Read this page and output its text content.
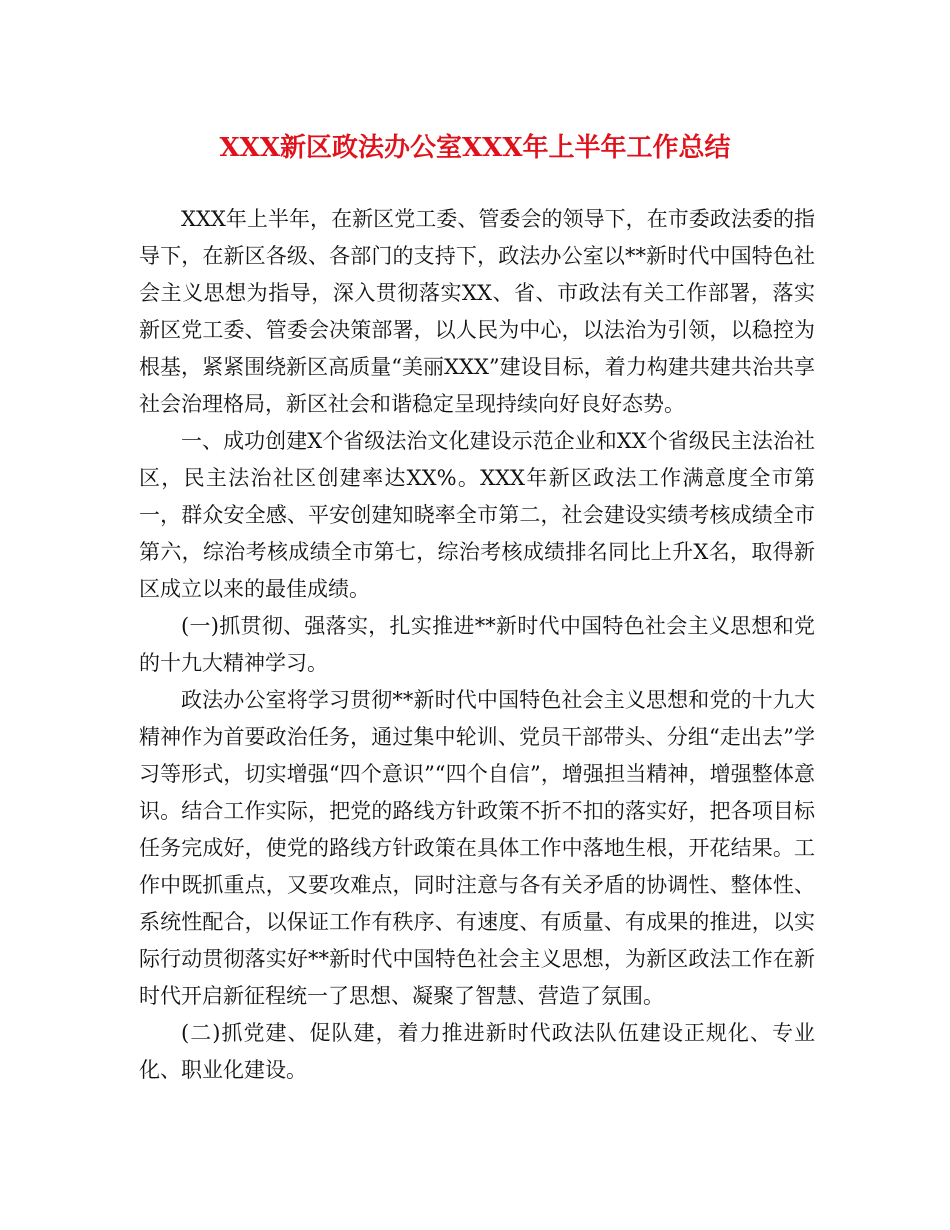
XXX新区政法办公室XXX年上半年工作总结

XXX年上半年，在新区党工委、管委会的领导下，在市委政法委的指导下，在新区各级、各部门的支持下，政法办公室以**新时代中国特色社会主义思想为指导，深入贯彻落实XX、省、市政法有关工作部署，落实新区党工委、管委会决策部署，以人民为中心，以法治为引领，以稳控为根基，紧紧围绕新区高质量“美丽XXX”建设目标，着力构建共建共治共享社会治理格局，新区社会和谐稳定呈现持续向好良好态势。

一、成功创建X个省级法治文化建设示范企业和XX个省级民主法治社区，民主法治社区创建率达XX%。XXX年新区政法工作满意度全市第一，群众安全感、平安创建知晓率全市第二，社会建设实绩考核成绩全市第六，综治考核成绩全市第七，综治考核成绩排名同比上升X名，取得新区成立以来的最佳成绩。

(一)抓贯彻、强落实，扎实推进**新时代中国特色社会主义思想和党的十九大精神学习。

政法办公室将学习贯彻**新时代中国特色社会主义思想和党的十九大精神作为首要政治任务，通过集中轮训、党员干部带头、分组“走出去”学习等形式，切实增强“四个意识”“四个自信”，增强担当精神，增强整体意识。结合工作实际，把党的路线方针政策不折不扣的落实好，把各项目标任务完成好，使党的路线方针政策在具体工作中落地生根，开花结果。工作中既抓重点，又要攻难点，同时注意与各有关矛盾的协调性、整体性、系统性配合，以保证工作有秩序、有速度、有质量、有成果的推进，以实际行动贯彻落实好**新时代中国特色社会主义思想，为新区政法工作在新时代开启新征程统一了思想、凝聚了智慧、营造了氛围。

(二)抓党建、促队建，着力推进新时代政法队伍建设正规化、专业化、职业化建设。
